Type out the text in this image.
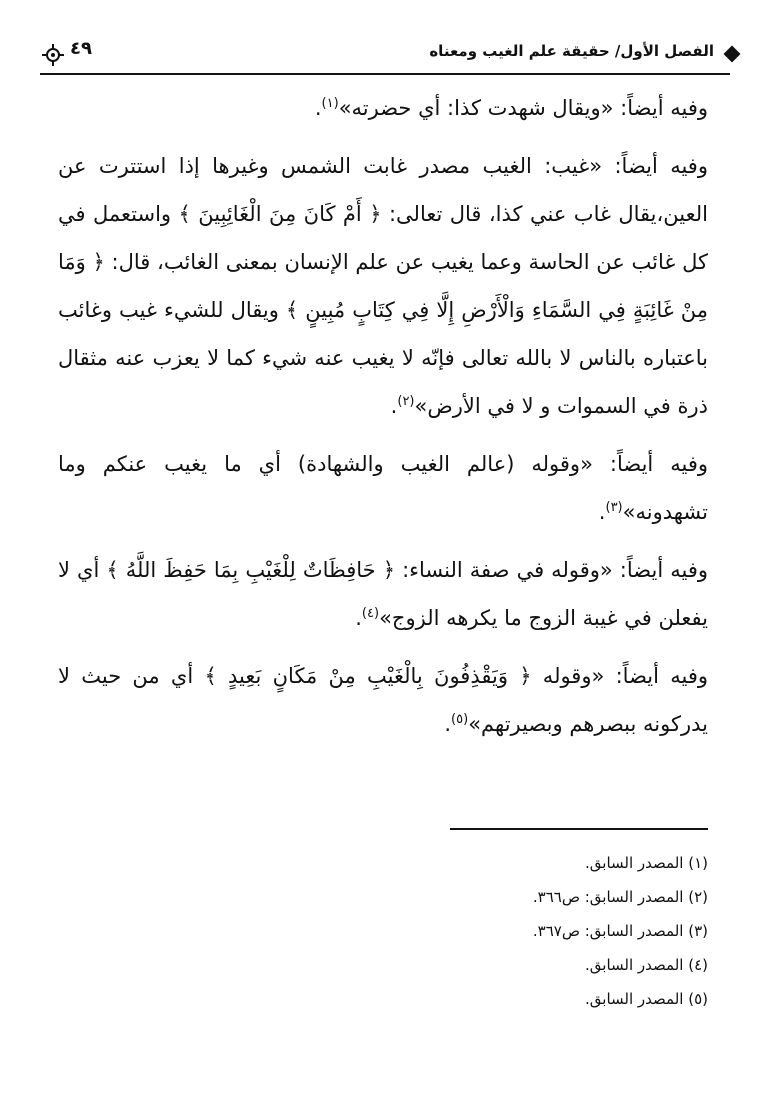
٤٩	الفصل الأول/ حقيقة علم الغيب ومعناه

وفيه أيضاً: «ويقال شهدت كذا: أي حضرته»$^{(١)}$.

وفيه أيضاً: «غيب: الغيب مصدر غابت الشمس وغيرها إذا استترت عن العين،يقال غاب عني كذا، قال تعالى: ﴿ أَمْ كَانَ مِنَ الْغَائِبِينَ ﴾ واستعمل في كل غائب عن الحاسة وعما يغيب عن علم الإنسان بمعنى الغائب، قال: ﴿ وَمَا مِنْ غَائِبَةٍ فِي السَّمَاءِ وَالْأَرْضِ إِلَّا فِي كِتَابٍ مُبِينٍ ﴾ ويقال للشيء غيب وغائب باعتباره بالناس لا بالله تعالى فإنّه لا يغيب عنه شيء كما لا يعزب عنه مثقال ذرة في السموات و لا في الأرض»$^{(٢)}$.

وفيه أيضاً: «وقوله (عالم الغيب والشهادة) أي ما يغيب عنكم وما تشهدونه»$^{(٣)}$.

وفيه أيضاً: «وقوله في صفة النساء: ﴿ حَافِظَاتٌ لِلْغَيْبِ بِمَا حَفِظَ اللَّهُ ﴾ أي لا يفعلن في غيبة الزوج ما يكرهه الزوج»$^{(٤)}$.

وفيه أيضاً: «وقوله ﴿ وَيَقْذِفُونَ بِالْغَيْبِ مِنْ مَكَانٍ بَعِيدٍ ﴾ أي من حيث لا يدركونه ببصرهم وبصيرتهم»$^{(٥)}$.

(١) المصدر السابق.
(٢) المصدر السابق: ص٣٦٦.
(٣) المصدر السابق: ص٣٦٧.
(٤) المصدر السابق.
(٥) المصدر السابق.
